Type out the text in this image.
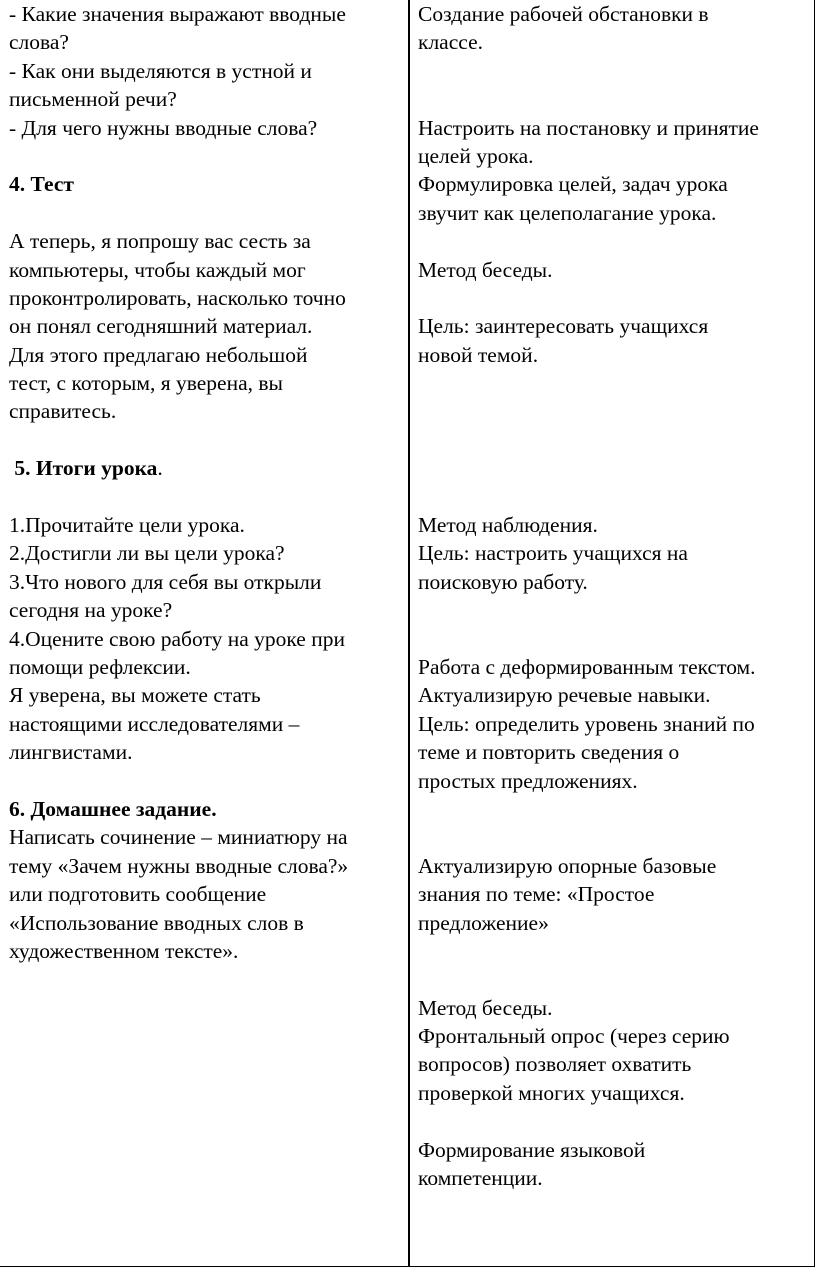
- Какие значения выражают вводные
слова?
- Как они выделяются в устной и
письменной речи?
- Для чего нужны вводные слова?
4. Тест
А теперь, я попрошу вас сесть за
компьютеры, чтобы каждый мог
проконтролировать, насколько точно
он понял сегодняшний материал.
Для этого предлагаю небольшой
тест, с которым, я уверена, вы
справитесь.
5. Итоги урока.
1.Прочитайте цели урока.
2.Достигли ли вы цели урока?
3.Что нового для себя вы открыли
сегодня на уроке?
4.Оцените свою работу на уроке при
помощи рефлексии.
Я уверена, вы можете стать
настоящими исследователями –
лингвистами.
6. Домашнее задание.
Написать сочинение – миниатюру на
тему «Зачем нужны вводные слова?»
или подготовить сообщение
«Использование вводных слов в
художественном тексте».
Создание рабочей обстановки в
классе.
Настроить на постановку и принятие
целей урока.
Формулировка целей, задач урока
звучит как целеполагание урока.
Метод беседы.
Цель: заинтересовать учащихся
новой темой.
Метод наблюдения.
Цель: настроить учащихся на
поисковую работу.
Работа с деформированным текстом.
Актуализирую речевые навыки.
Цель: определить уровень знаний по
теме и повторить сведения о
простых предложениях.
Актуализирую опорные базовые
знания по теме: «Простое
предложение»
Метод беседы.
Фронтальный опрос (через серию
вопросов) позволяет охватить
проверкой многих учащихся.
Формирование языковой
компетенции.
